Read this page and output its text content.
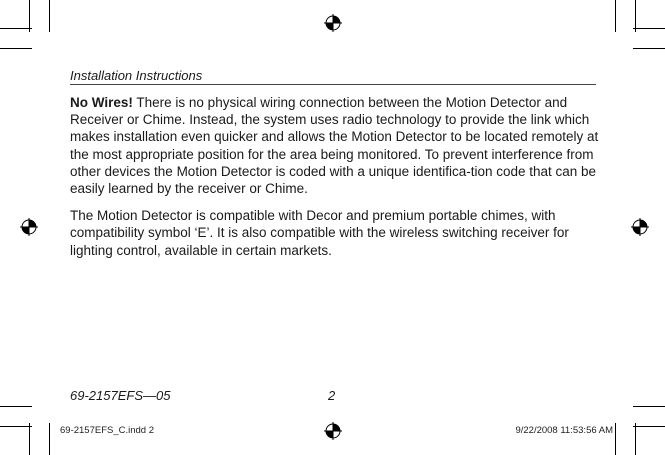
Installation Instructions

No Wires! There is no physical wiring connection between the Motion Detector and Receiver or Chime. Instead, the system uses radio technology to provide the link which makes installation even quicker and allows the Motion Detector to be located remotely at the most appropriate position for the area being monitored. To prevent interference from other devices the Motion Detector is coded with a unique identifica-tion code that can be easily learned by the receiver or Chime.

The Motion Detector is compatible with Decor and premium portable chimes, with compatibility symbol ‘E’. It is also compatible with the wireless switching receiver for lighting control, available in certain markets.

69-2157EFS—05	2
69-2157EFS_C.indd 2	9/22/2008 11:53:56 AM
